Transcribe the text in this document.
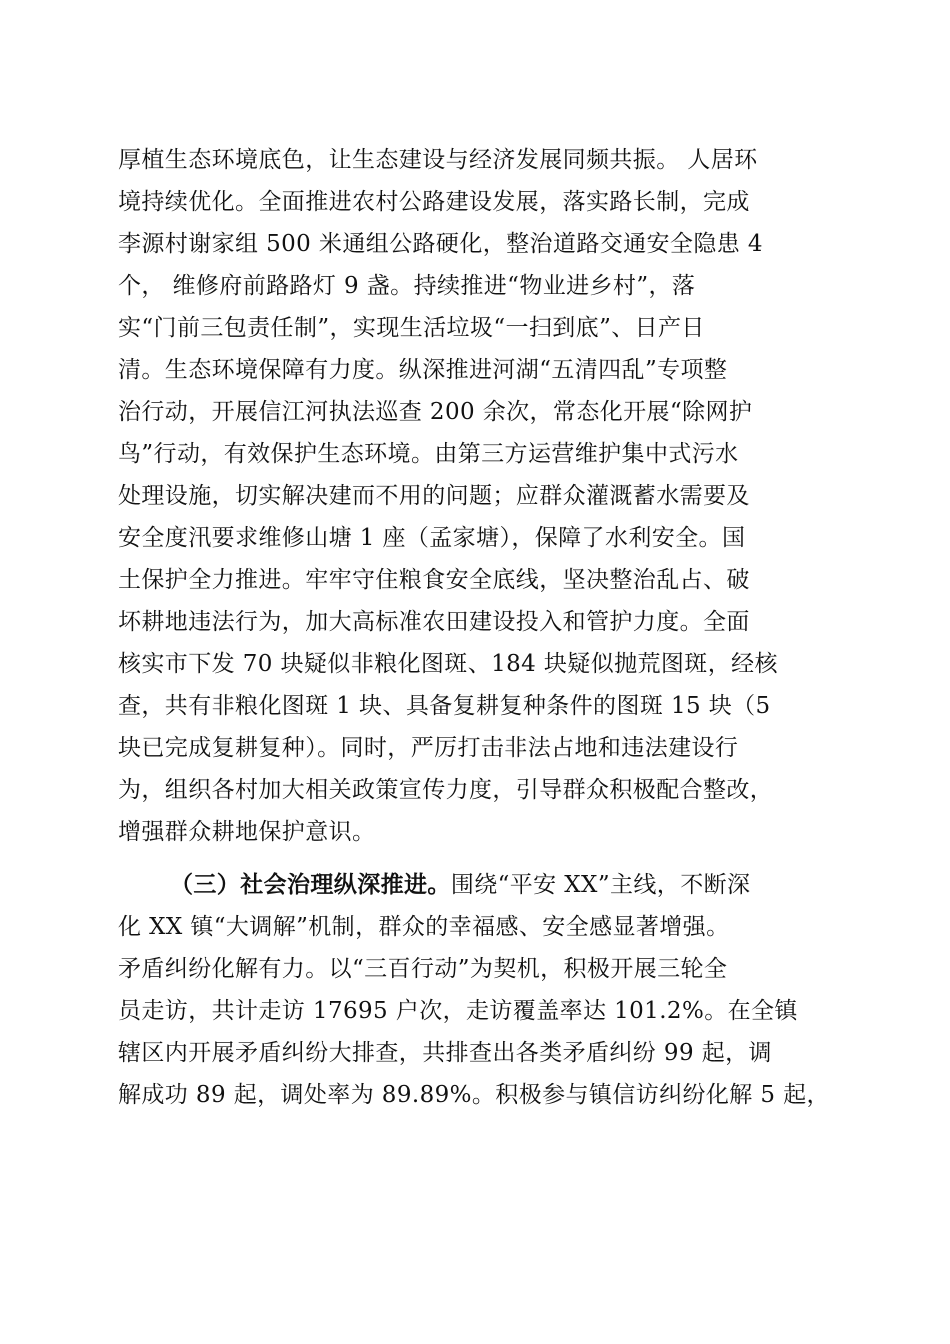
厚植生态环境底色，让生态建设与经济发展同频共振。 人居环
境持续优化。全面推进农村公路建设发展，落实路长制，完成
李源村谢家组 500 米通组公路硬化，整治道路交通安全隐患 4
个， 维修府前路路灯 9 盏。持续推进“物业进乡村”，落
实“门前三包责任制”，实现生活垃圾“一扫到底”、日产日
清。生态环境保障有力度。纵深推进河湖“五清四乱”专项整
治行动，开展信江河执法巡查 200 余次，常态化开展“除网护
鸟”行动，有效保护生态环境。由第三方运营维护集中式污水
处理设施，切实解决建而不用的问题；应群众灌溉蓄水需要及
安全度汛要求维修山塘 1 座（孟家塘），保障了水利安全。国
土保护全力推进。牢牢守住粮食安全底线，坚决整治乱占、破
坏耕地违法行为，加大高标准农田建设投入和管护力度。全面
核实市下发 70 块疑似非粮化图斑、184 块疑似抛荒图斑，经核
查，共有非粮化图斑 1 块、具备复耕复种条件的图斑 15 块（5
块已完成复耕复种）。同时，严厉打击非法占地和违法建设行
为，组织各村加大相关政策宣传力度，引导群众积极配合整改，
增强群众耕地保护意识。
（三）社会治理纵深推进。围绕“平安 XX”主线，不断深
化 XX 镇“大调解”机制，群众的幸福感、安全感显著增强。
矛盾纠纷化解有力。以“三百行动”为契机，积极开展三轮全
员走访，共计走访 17695 户次，走访覆盖率达 101.2%。在全镇
辖区内开展矛盾纠纷大排查，共排查出各类矛盾纠纷 99 起，调
解成功 89 起，调处率为 89.89%。积极参与镇信访纠纷化解 5 起，
